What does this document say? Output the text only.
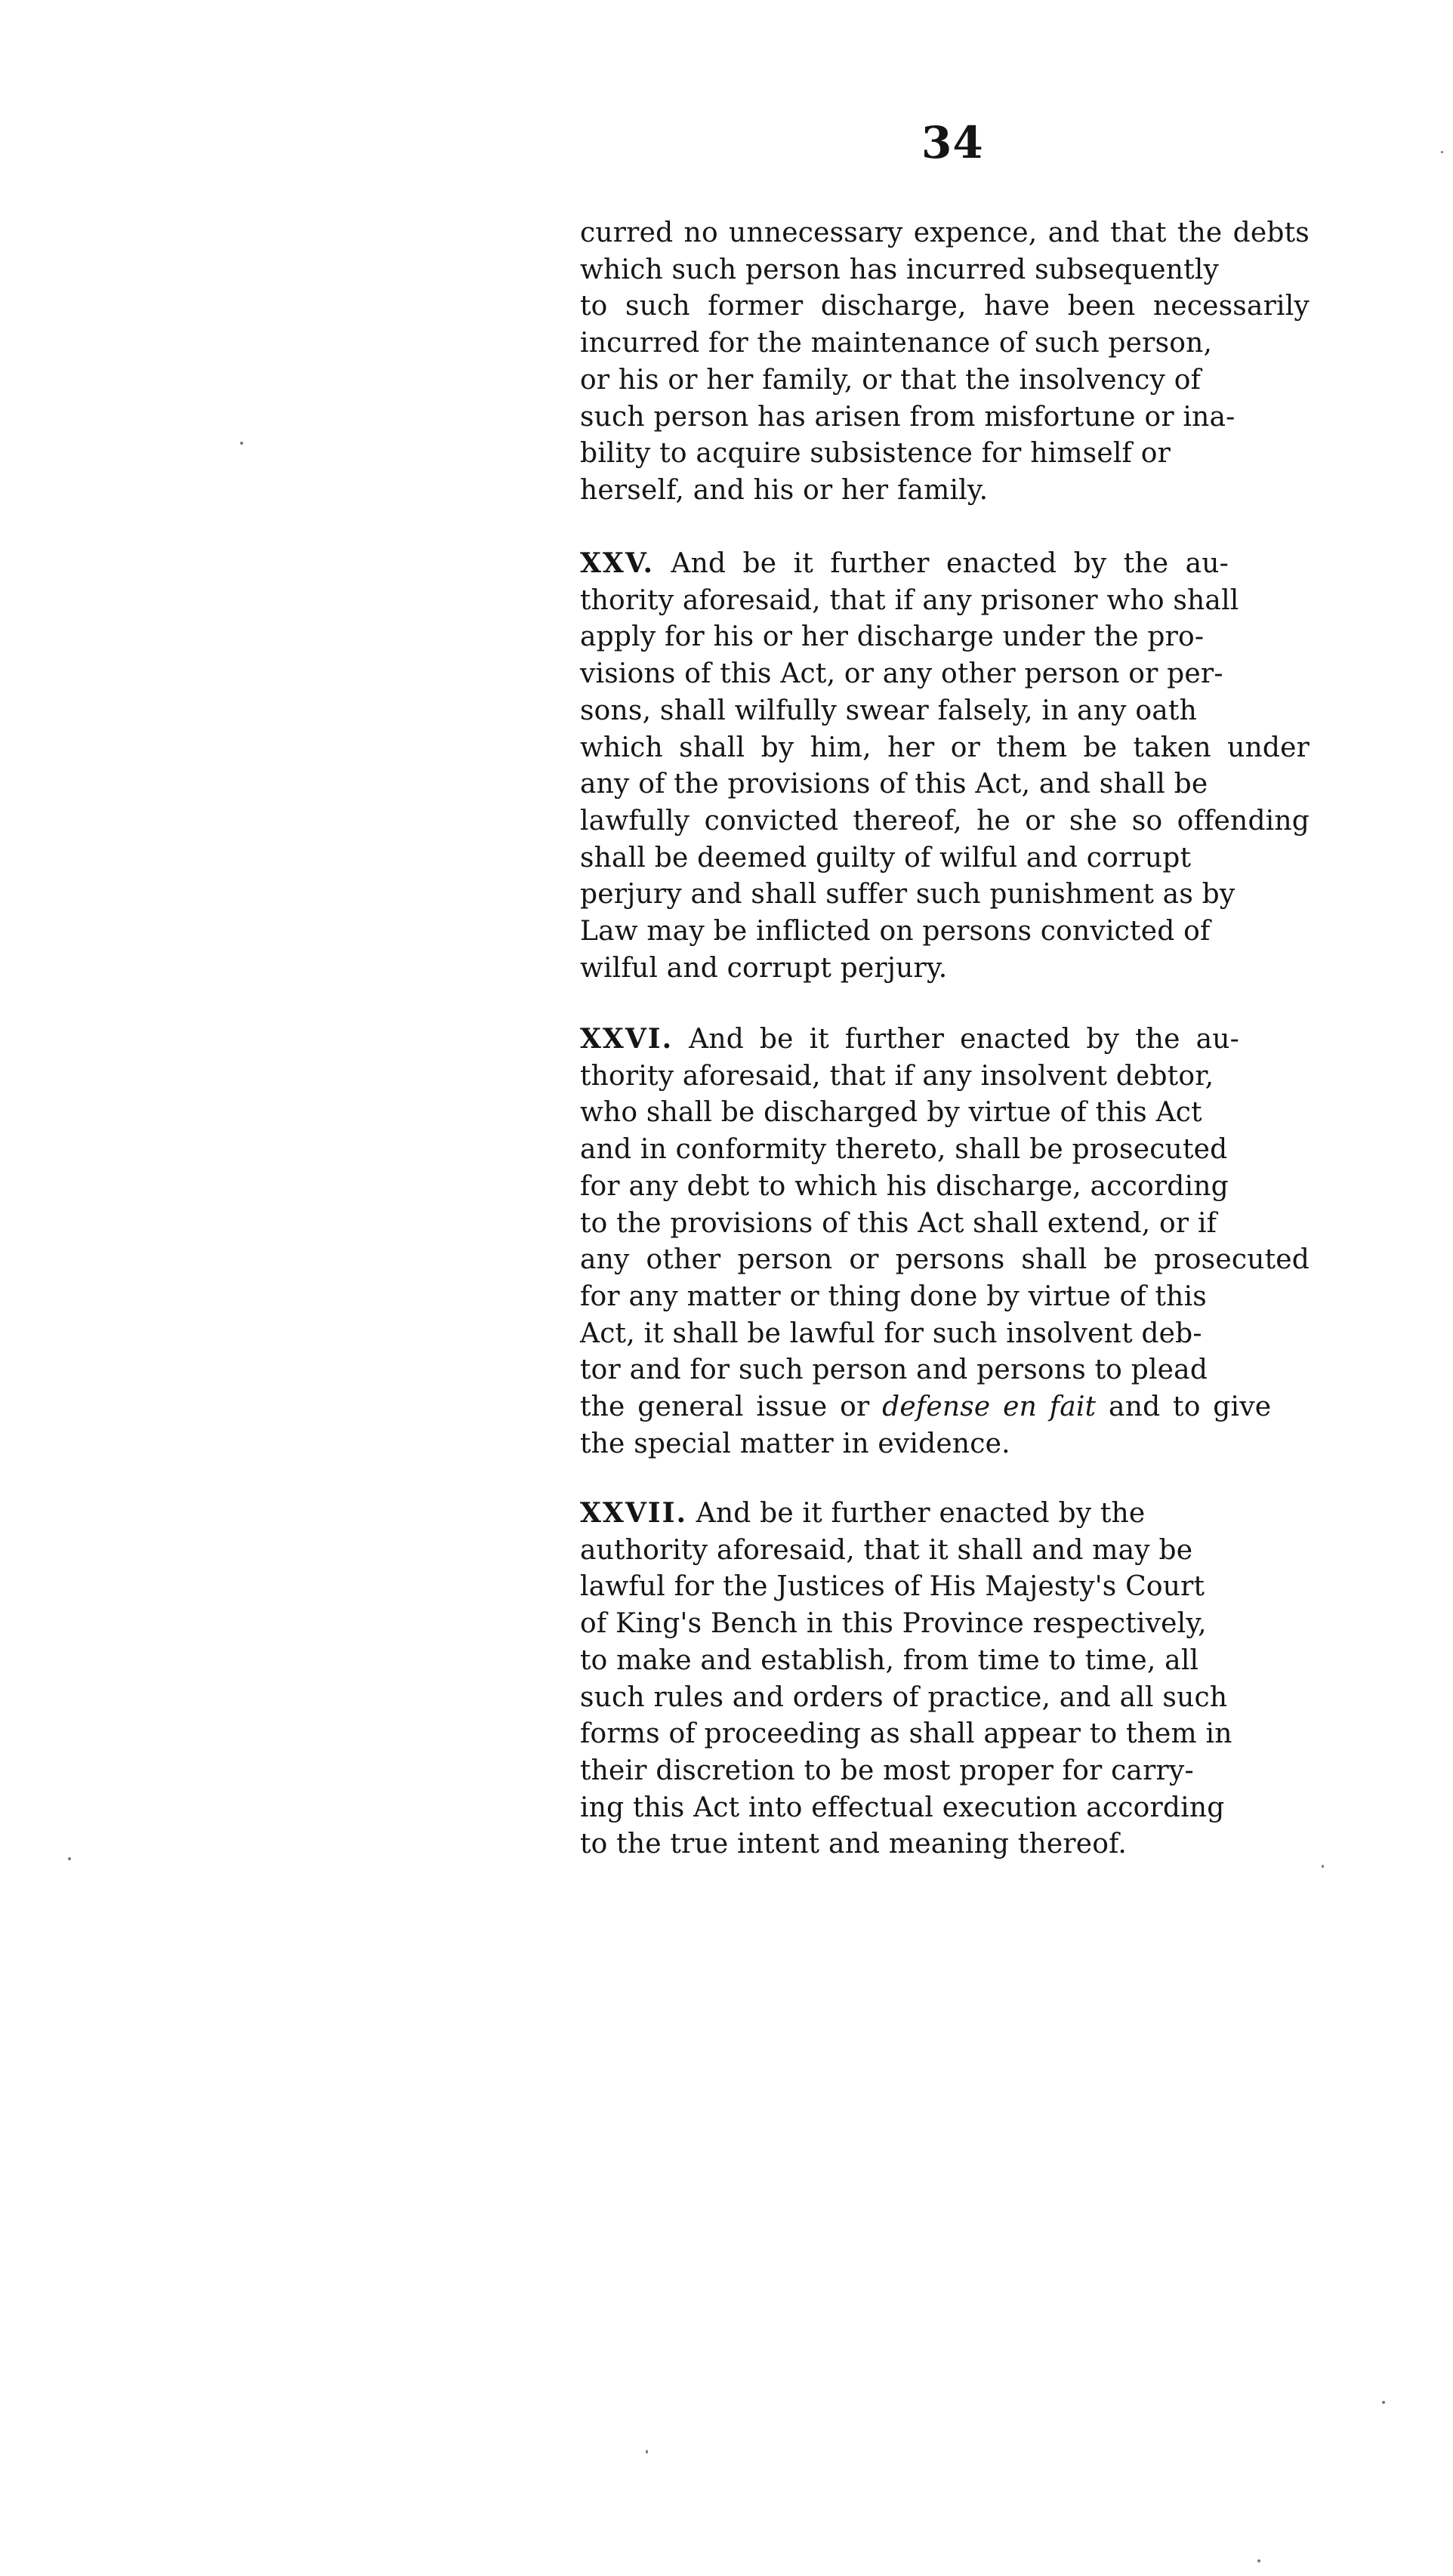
34
curred no unnecessary expence, and that the debts
which such person has incurred subsequently
to such former discharge, have been necessarily
incurred for the maintenance of such person,
or his or her family, or that the insolvency of
such person has arisen from misfortune or ina-
bility to acquire subsistence for himself or
herself, and his or her family.
XXV. And be it further enacted by the au-
thority aforesaid, that if any prisoner who shall
apply for his or her discharge under the pro-
visions of this Act, or any other person or per-
sons, shall wilfully swear falsely, in any oath
which shall by him, her or them be taken under
any of the provisions of this Act, and shall be
lawfully convicted thereof, he or she so offending
shall be deemed guilty of wilful and corrupt
perjury and shall suffer such punishment as by
Law may be inflicted on persons convicted of
wilful and corrupt perjury.
XXVI. And be it further enacted by the au-
thority aforesaid, that if any insolvent debtor,
who shall be discharged by virtue of this Act
and in conformity thereto, shall be prosecuted
for any debt to which his discharge, according
to the provisions of this Act shall extend, or if
any other person or persons shall be prosecuted
for any matter or thing done by virtue of this
Act, it shall be lawful for such insolvent deb-
tor and for such person and persons to plead
the general issue or defense en fait and to give
the special matter in evidence.
XXVII. And be it further enacted by the
authority aforesaid, that it shall and may be
lawful for the Justices of His Majesty's Court
of King's Bench in this Province respectively,
to make and establish, from time to time, all
such rules and orders of practice, and all such
forms of proceeding as shall appear to them in
their discretion to be most proper for carry-
ing this Act into effectual execution according
to the true intent and meaning thereof.
